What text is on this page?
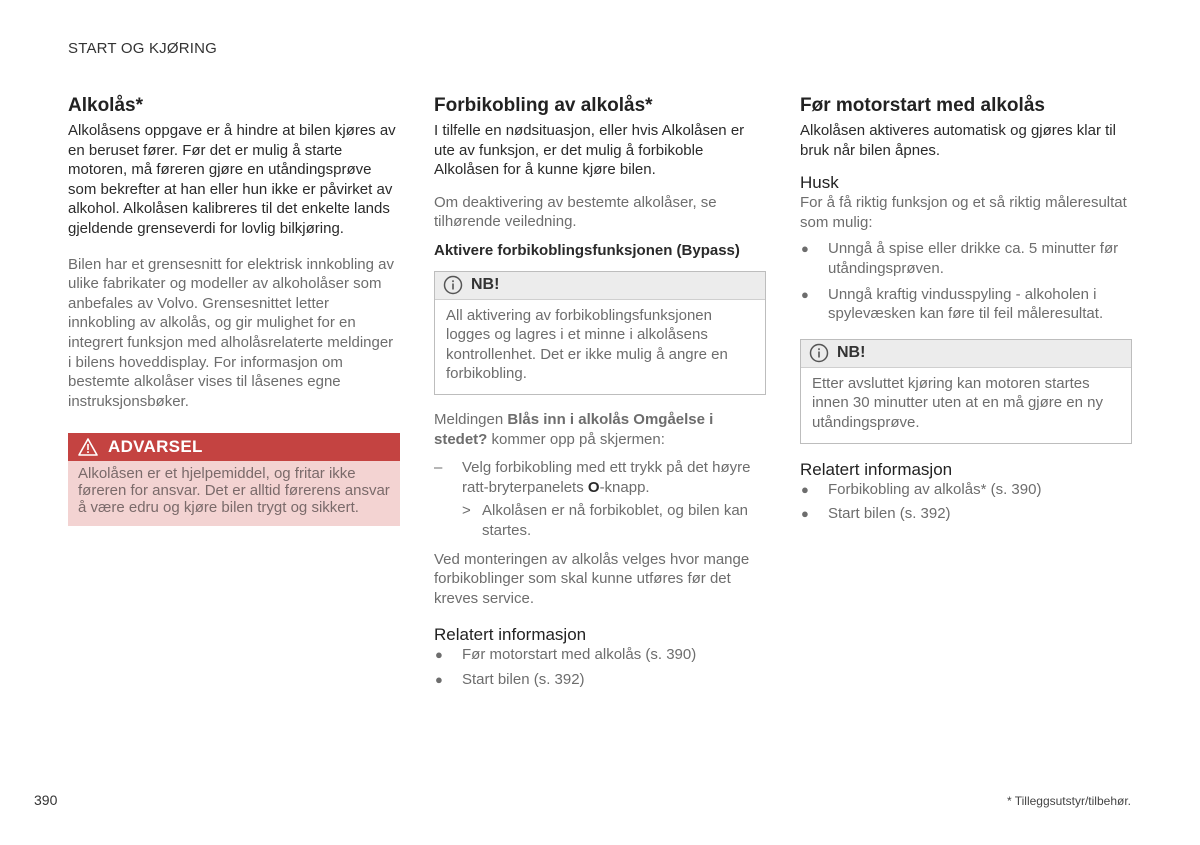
START OG KJØRING
Alkolås*

Alkolåsens oppgave er å hindre at bilen kjøres av en beruset fører. Før det er mulig å starte motoren, må føreren gjøre en utåndingsprøve som bekrefter at han eller hun ikke er påvirket av alkohol. Alkolåsen kalibreres til det enkelte lands gjeldende grenseverdi for lovlig bilkjøring.

Bilen har et grensesnitt for elektrisk innkobling av ulike fabrikater og modeller av alkoholåser som anbefales av Volvo. Grensesnittet letter innkobling av alkolås, og gir mulighet for en integrert funksjon med alholåsrelaterte meldinger i bilens hoveddisplay. For informasjon om bestemte alkolåser vises til låsenes egne instruksjonsbøker.

ADVARSEL
Alkolåsen er et hjelpemiddel, og fritar ikke føreren for ansvar. Det er alltid førerens ansvar å være edru og kjøre bilen trygt og sikkert.
Forbikobling av alkolås*

I tilfelle en nødsituasjon, eller hvis Alkolåsen er ute av funksjon, er det mulig å forbikoble Alkolåsen for å kunne kjøre bilen.

Om deaktivering av bestemte alkolåser, se tilhørende veiledning.

Aktivere forbikoblingsfunksjonen (Bypass)

NB!
All aktivering av forbikoblingsfunksjonen logges og lagres i et minne i alkolåsens kontrollenhet. Det er ikke mulig å angre en forbikobling.

Meldingen Blås inn i alkolås Omgåelse i stedet? kommer opp på skjermen:

– Velg forbikobling med ett trykk på det høyre ratt-bryterpanelets O-knapp.
> Alkolåsen er nå forbikoblet, og bilen kan startes.

Ved monteringen av alkolås velges hvor mange forbikoblinger som skal kunne utføres før det kreves service.

Relatert informasjon
● Før motorstart med alkolås (s. 390)
● Start bilen (s. 392)
Før motorstart med alkolås

Alkolåsen aktiveres automatisk og gjøres klar til bruk når bilen åpnes.

Husk

For å få riktig funksjon og et så riktig måleresultat som mulig:

● Unngå å spise eller drikke ca. 5 minutter før utåndingsprøven.
● Unngå kraftig vindusspyling - alkoholen i spylevæsken kan føre til feil måleresultat.
NB!
Etter avsluttet kjøring kan motoren startes innen 30 minutter uten at en må gjøre en ny utåndingsprøve.
Relatert informasjon
● Forbikobling av alkolås* (s. 390)
● Start bilen (s. 392)
390	* Tilleggsutstyr/tilbehør.
